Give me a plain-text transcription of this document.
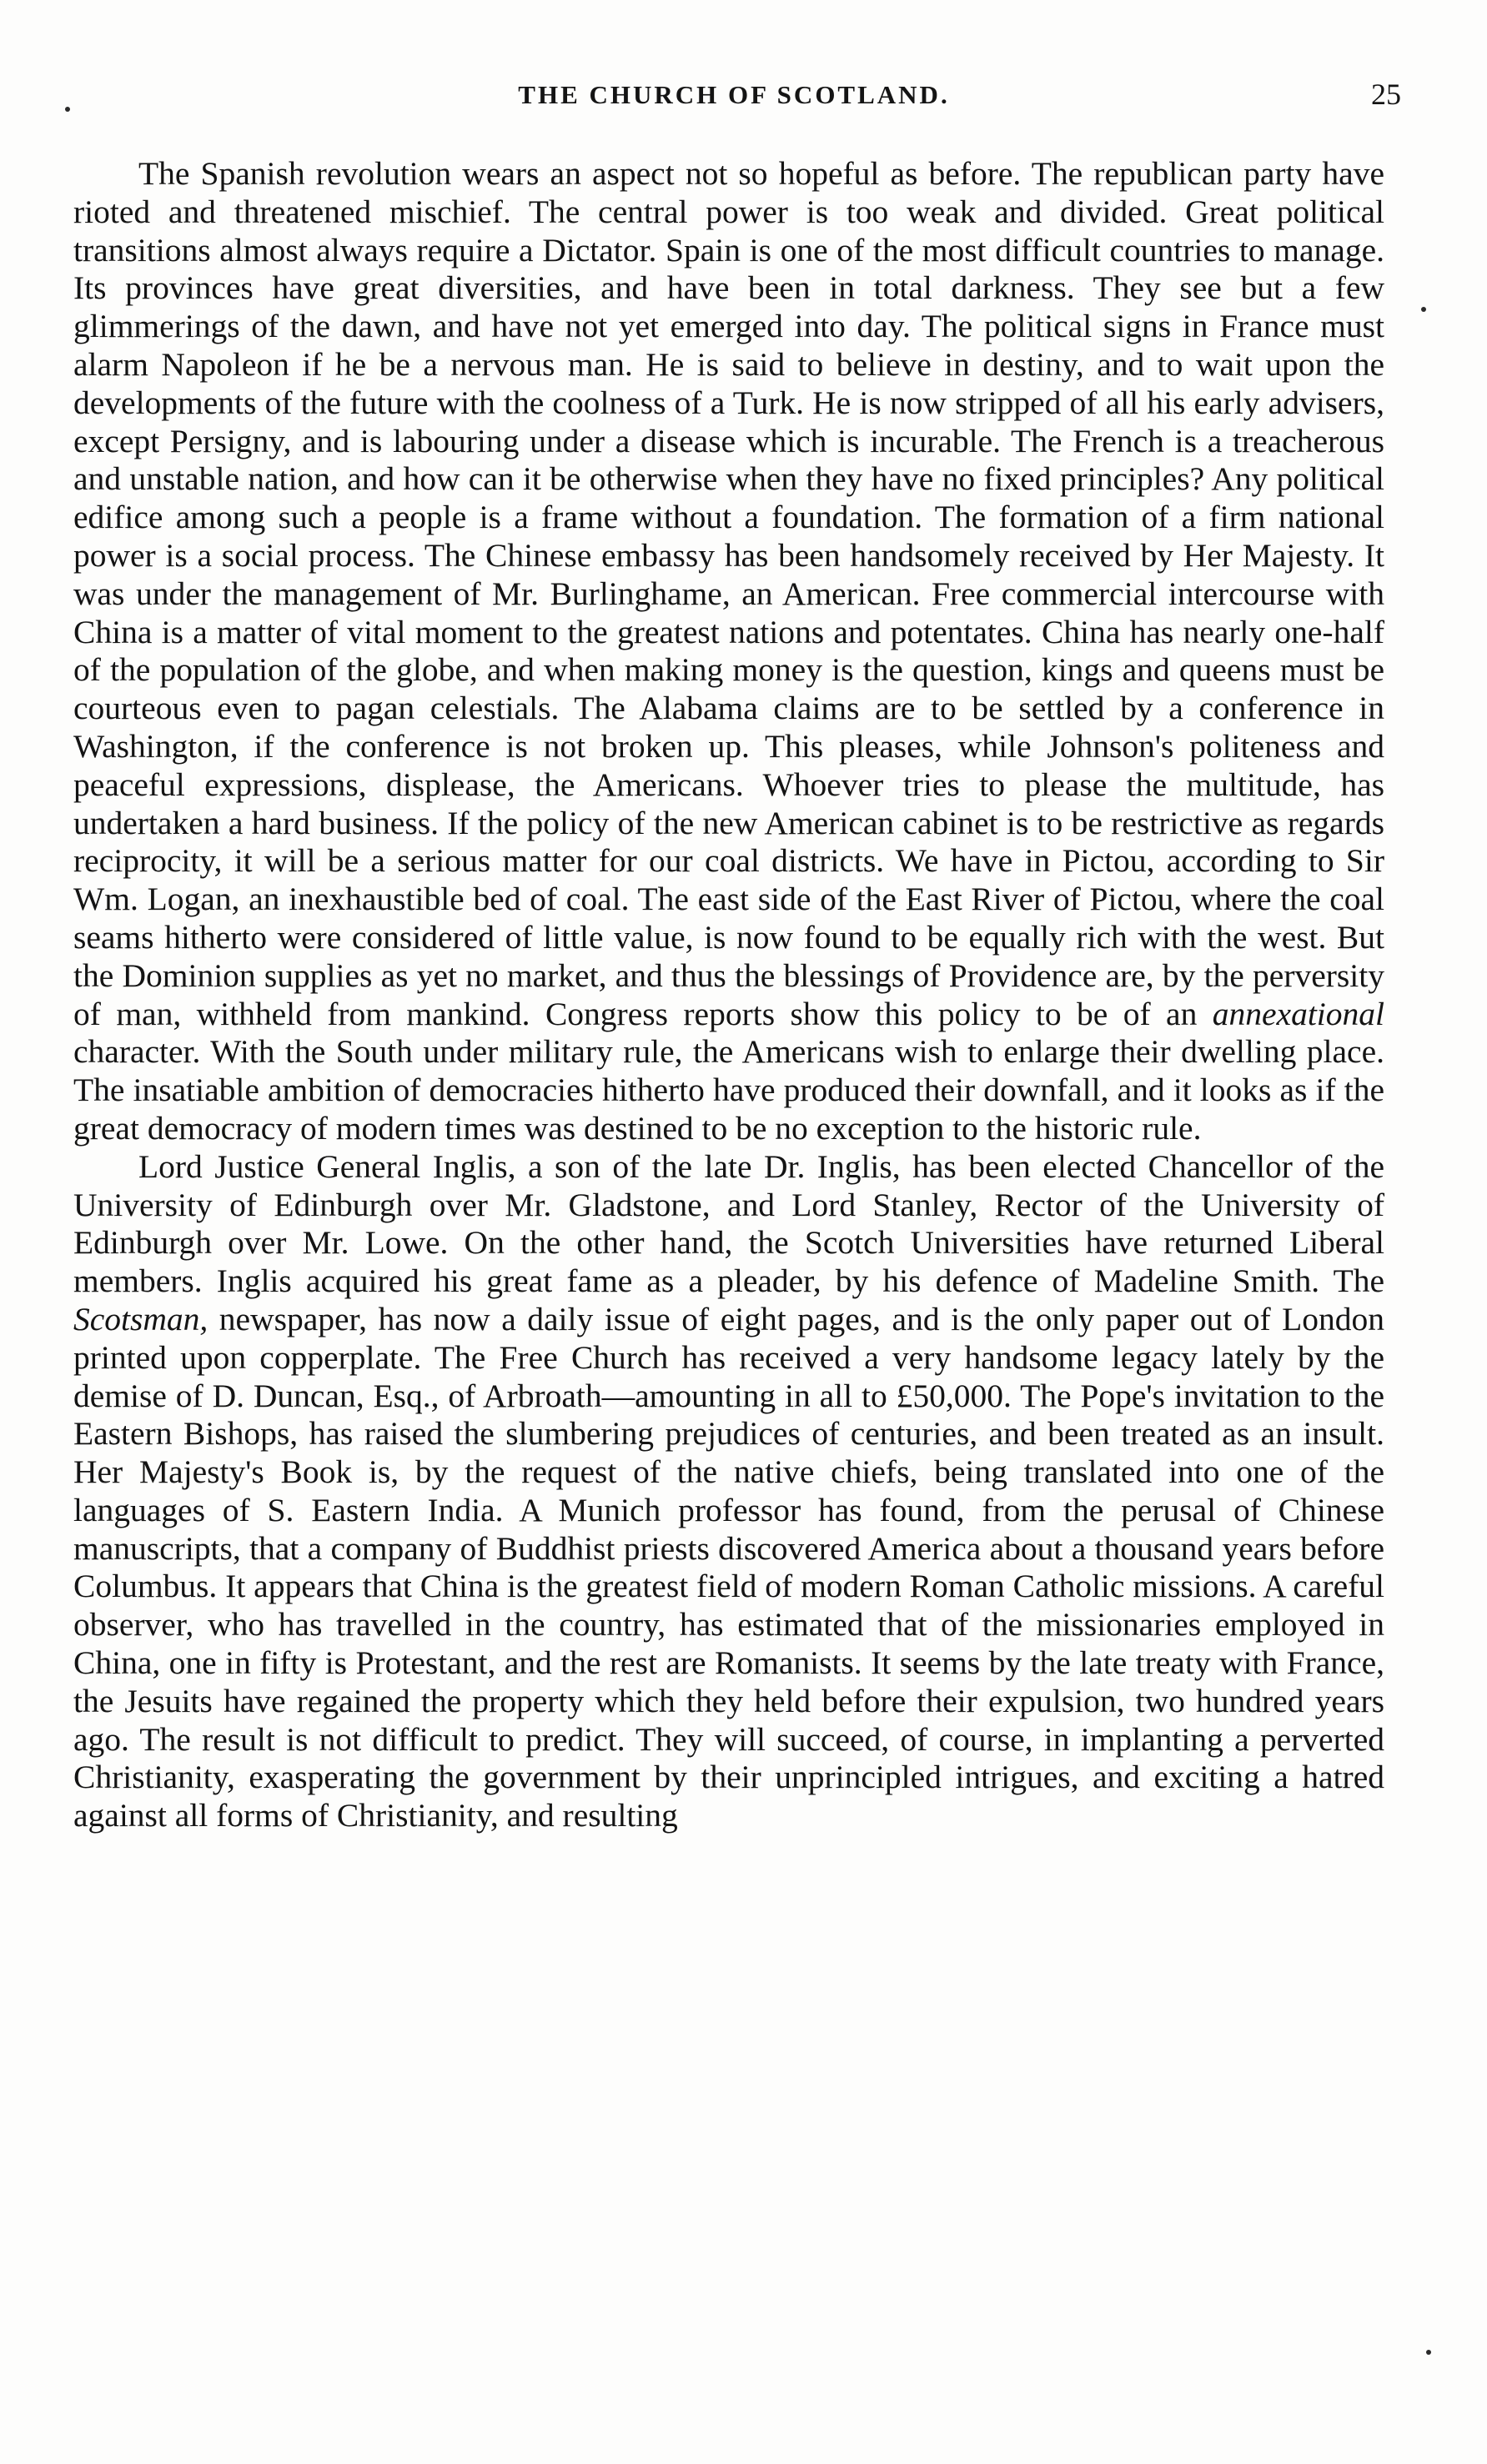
THE CHURCH OF SCOTLAND.	25

The Spanish revolution wears an aspect not so hopeful as before. The republican party have rioted and threatened mischief. The central power is too weak and divided. Great political transitions almost always require a Dictator. Spain is one of the most difficult countries to manage. Its provinces have great diversities, and have been in total darkness. They see but a few glimmerings of the dawn, and have not yet emerged into day. The political signs in France must alarm Napoleon if he be a nervous man. He is said to believe in destiny, and to wait upon the developments of the future with the coolness of a Turk. He is now stripped of all his early advisers, except Persigny, and is labouring under a disease which is incurable. The French is a treacherous and unstable nation, and how can it be otherwise when they have no fixed principles? Any political edifice among such a people is a frame without a foundation. The formation of a firm national power is a social process. The Chinese embassy has been handsomely received by Her Majesty. It was under the management of Mr. Burlinghame, an American. Free commercial intercourse with China is a matter of vital moment to the greatest nations and potentates. China has nearly one-half of the population of the globe, and when making money is the question, kings and queens must be courteous even to pagan celestials. The Alabama claims are to be settled by a conference in Washington, if the conference is not broken up. This pleases, while Johnson's politeness and peaceful expressions, displease, the Americans. Whoever tries to please the multitude, has undertaken a hard business. If the policy of the new American cabinet is to be restrictive as regards reciprocity, it will be a serious matter for our coal districts. We have in Pictou, according to Sir Wm. Logan, an inexhaustible bed of coal. The east side of the East River of Pictou, where the coal seams hitherto were considered of little value, is now found to be equally rich with the west. But the Dominion supplies as yet no market, and thus the blessings of Providence are, by the perversity of man, withheld from mankind. Congress reports show this policy to be of an annexational character. With the South under military rule, the Americans wish to enlarge their dwelling place. The insatiable ambition of democracies hitherto have produced their downfall, and it looks as if the great democracy of modern times was destined to be no exception to the historic rule.

Lord Justice General Inglis, a son of the late Dr. Inglis, has been elected Chancellor of the University of Edinburgh over Mr. Gladstone, and Lord Stanley, Rector of the University of Edinburgh over Mr. Lowe. On the other hand, the Scotch Universities have returned Liberal members. Inglis acquired his great fame as a pleader, by his defence of Madeline Smith. The Scotsman, newspaper, has now a daily issue of eight pages, and is the only paper out of London printed upon copperplate. The Free Church has received a very handsome legacy lately by the demise of D. Duncan, Esq., of Arbroath—amounting in all to £50,000. The Pope's invitation to the Eastern Bishops, has raised the slumbering prejudices of centuries, and been treated as an insult. Her Majesty's Book is, by the request of the native chiefs, being translated into one of the languages of S. Eastern India. A Munich professor has found, from the perusal of Chinese manuscripts, that a company of Buddhist priests discovered America about a thousand years before Columbus. It appears that China is the greatest field of modern Roman Catholic missions. A careful observer, who has travelled in the country, has estimated that of the missionaries employed in China, one in fifty is Protestant, and the rest are Romanists. It seems by the late treaty with France, the Jesuits have regained the property which they held before their expulsion, two hundred years ago. The result is not difficult to predict. They will succeed, of course, in implanting a perverted Christianity, exasperating the government by their unprincipled intrigues, and exciting a hatred against all forms of Christianity, and resulting
